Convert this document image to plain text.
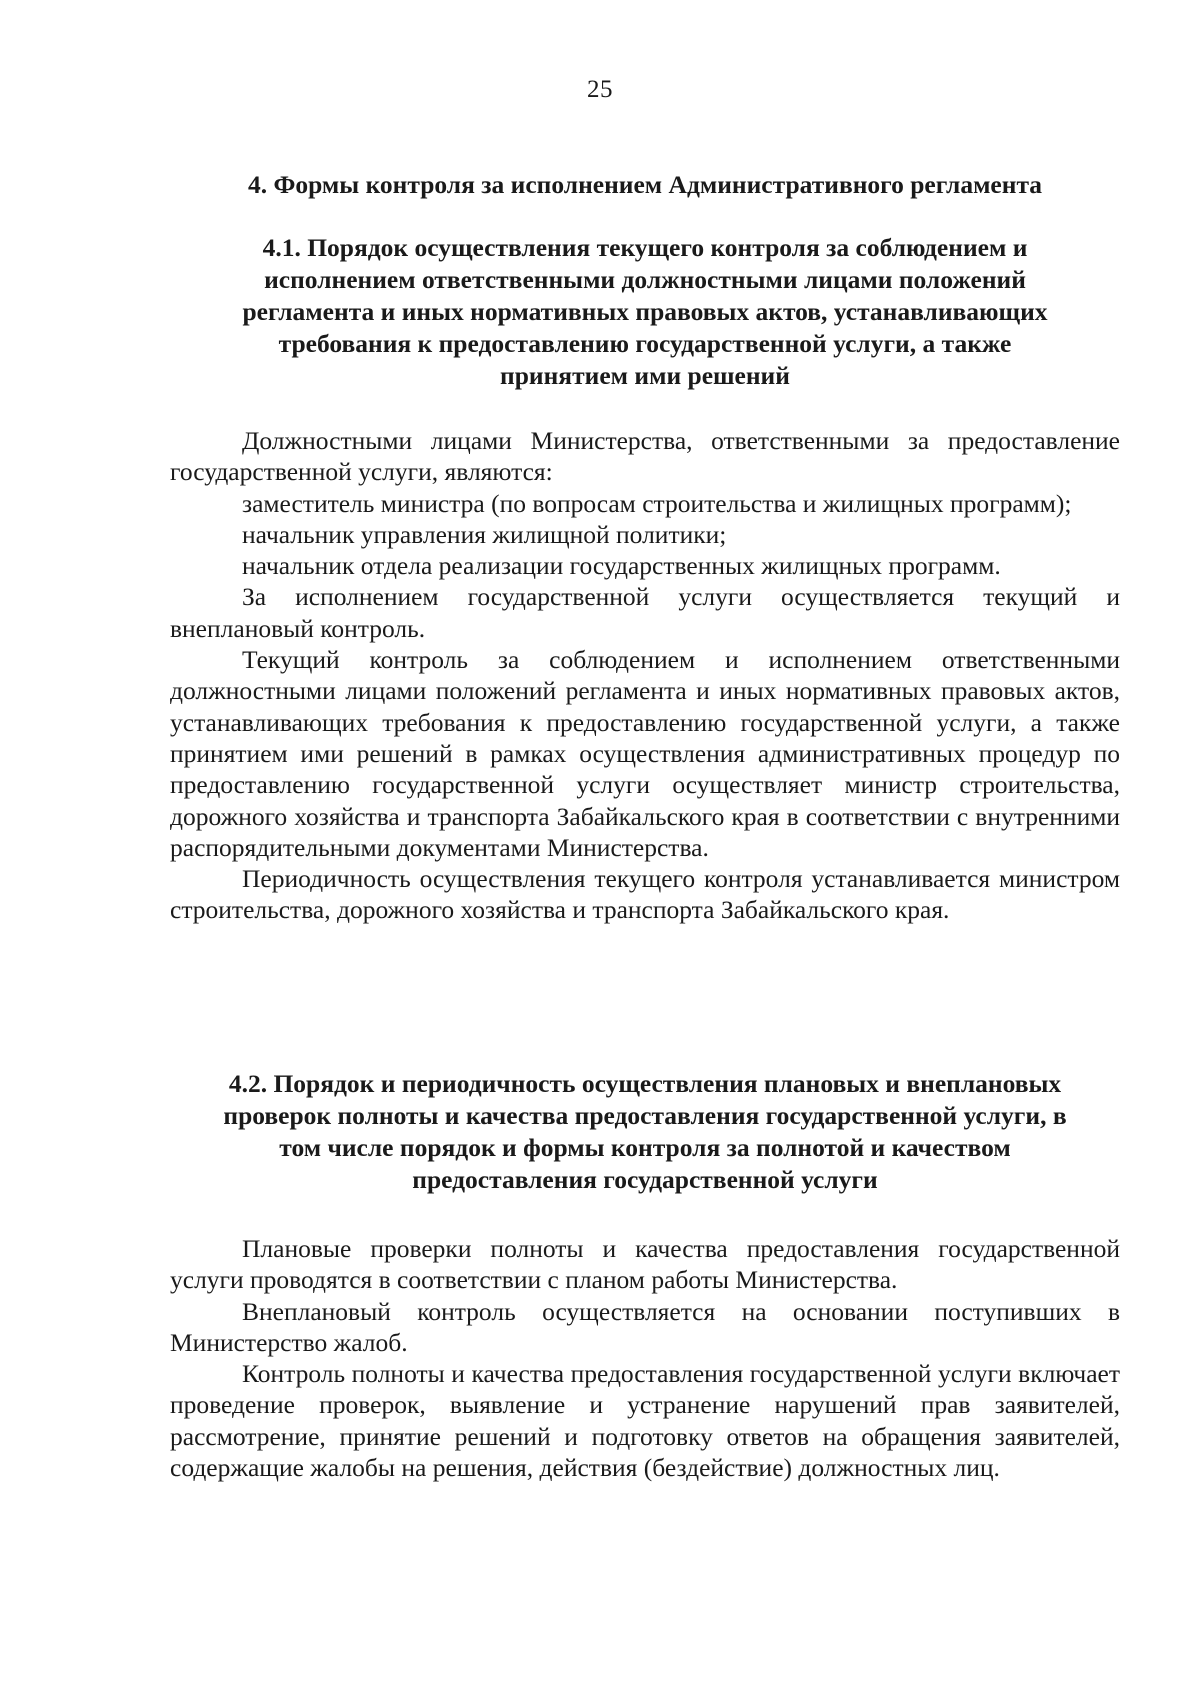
25
4. Формы контроля за исполнением Административного регламента
4.1. Порядок осуществления текущего контроля за соблюдением и
исполнением ответственными должностными лицами положений
регламента и иных нормативных правовых актов, устанавливающих
требования к предоставлению государственной услуги, а также
принятием ими решений

Должностными лицами Министерства, ответственными за предоставление государственной услуги, являются:

заместитель министра (по вопросам строительства и жилищных программ);

начальник управления жилищной политики;

начальник отдела реализации государственных жилищных программ.

За исполнением государственной услуги осуществляется текущий и внеплановый контроль.

Текущий контроль за соблюдением и исполнением ответственными должностными лицами положений регламента и иных нормативных правовых актов, устанавливающих требования к предоставлению государственной услуги, а также принятием ими решений в рамках осуществления административных процедур по предоставлению государственной услуги осуществляет министр строительства, дорожного хозяйства и транспорта Забайкальского края в соответствии с внутренними распорядительными документами Министерства.

Периодичность осуществления текущего контроля устанавливается министром строительства, дорожного хозяйства и транспорта Забайкальского края.

4.2. Порядок и периодичность осуществления плановых и внеплановых
проверок полноты и качества предоставления государственной услуги, в
том числе порядок и формы контроля за полнотой и качеством
предоставления государственной услуги

Плановые проверки полноты и качества предоставления государственной услуги проводятся в соответствии с планом работы Министерства.

Внеплановый контроль осуществляется на основании поступивших в Министерство жалоб.

Контроль полноты и качества предоставления государственной услуги включает проведение проверок, выявление и устранение нарушений прав заявителей, рассмотрение, принятие решений и подготовку ответов на обращения заявителей, содержащие жалобы на решения, действия (бездействие) должностных лиц.
